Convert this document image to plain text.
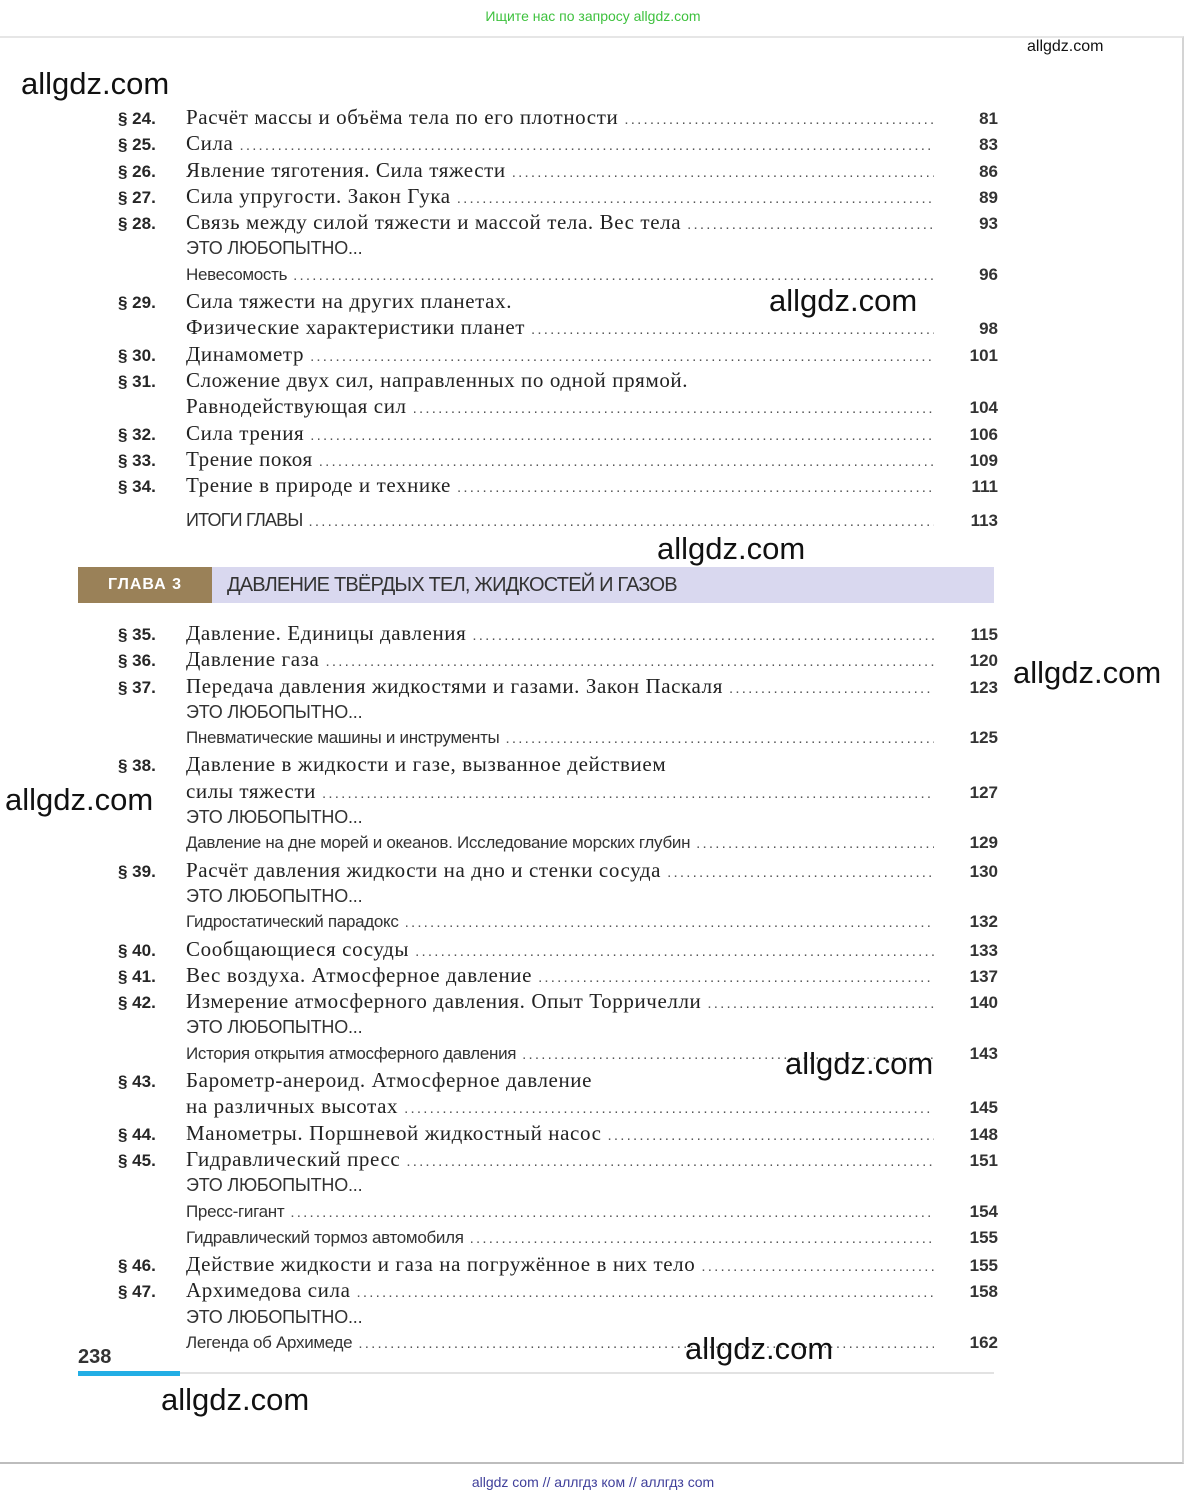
Ищите нас по запросу allgdz.com
§ 24.	Расчёт массы и объёма тела по его плотности .....	81
§ 25.	Сила .....	83
§ 26.	Явление тяготения. Сила тяжести .....	86
§ 27.	Сила упругости. Закон Гука .....	89
§ 28.	Связь между силой тяжести и массой тела. Вес тела .....	93
ЭТО ЛЮБОПЫТНО...
Невесомость .....	96
§ 29.	Сила тяжести на других планетах.
Физические характеристики планет .....	98
§ 30.	Динамометр .....	101
§ 31.	Сложение двух сил, направленных по одной прямой.
Равнодействующая сил .....	104
§ 32.	Сила трения .....	106
§ 33.	Трение покоя .....	109
§ 34.	Трение в природе и технике .....	111
ИТОГИ ГЛАВЫ .....	113
ГЛАВА 3	ДАВЛЕНИЕ ТВЁРДЫХ ТЕЛ, ЖИДКОСТЕЙ И ГАЗОВ
§ 35.	Давление. Единицы давления .....	115
§ 36.	Давление газа .....	120
§ 37.	Передача давления жидкостями и газами. Закон Паскаля .....	123
ЭТО ЛЮБОПЫТНО...
Пневматические машины и инструменты .....	125
§ 38.	Давление в жидкости и газе, вызванное действием
силы тяжести .....	127
ЭТО ЛЮБОПЫТНО...
Давление на дне морей и океанов. Исследование морских глубин .....	129
§ 39.	Расчёт давления жидкости на дно и стенки сосуда .....	130
ЭТО ЛЮБОПЫТНО...
Гидростатический парадокс .....	132
§ 40.	Сообщающиеся сосуды .....	133
§ 41.	Вес воздуха. Атмосферное давление .....	137
§ 42.	Измерение атмосферного давления. Опыт Торричелли .....	140
ЭТО ЛЮБОПЫТНО...
История открытия атмосферного давления .....	143
§ 43.	Барометр-анероид. Атмосферное давление
на различных высотах .....	145
§ 44.	Манометры. Поршневой жидкостный насос .....	148
§ 45.	Гидравлический пресс .....	151
ЭТО ЛЮБОПЫТНО...
Пресс-гигант .....	154
Гидравлический тормоз автомобиля .....	155
§ 46.	Действие жидкости и газа на погружённое в них тело .....	155
§ 47.	Архимедова сила .....	158
ЭТО ЛЮБОПЫТНО...
Легенда об Архимеде .....	162
238
allgdz.com
allgdz.com
allgdz.com
allgdz.com
allgdz.com
allgdz.com
allgdz.com
allgdz.com
allgdz.com
allgdz com // аллгдз ком // аллгдз com
